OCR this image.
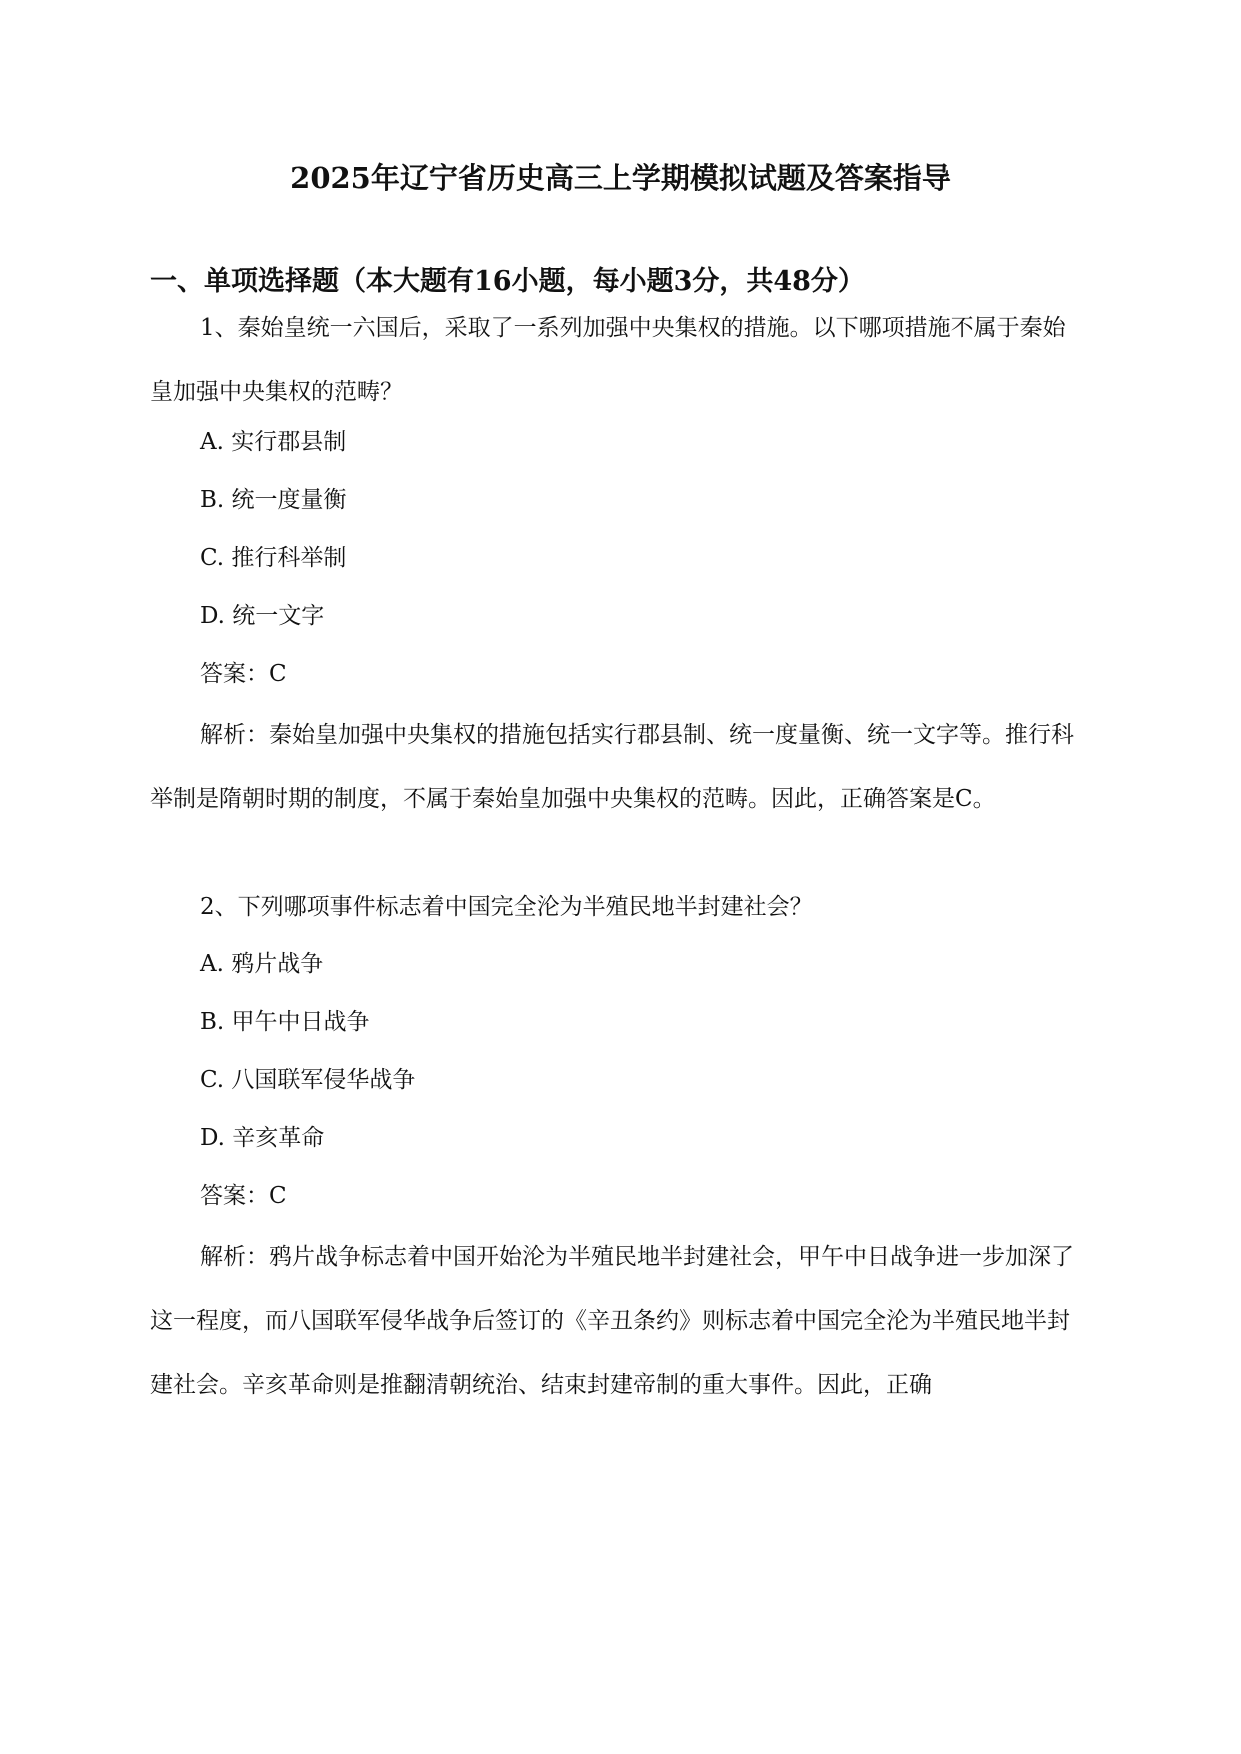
2025年辽宁省历史高三上学期模拟试题及答案指导
一、单项选择题（本大题有16小题，每小题3分，共48分）

1、秦始皇统一六国后，采取了一系列加强中央集权的措施。以下哪项措施不属于秦始皇加强中央集权的范畴？

A. 实行郡县制
B. 统一度量衡
C. 推行科举制
D. 统一文字
答案：C

解析：秦始皇加强中央集权的措施包括实行郡县制、统一度量衡、统一文字等。推行科举制是隋朝时期的制度，不属于秦始皇加强中央集权的范畴。因此，正确答案是C。

2、下列哪项事件标志着中国完全沦为半殖民地半封建社会？

A. 鸦片战争
B. 甲午中日战争
C. 八国联军侵华战争
D. 辛亥革命
答案：C

解析：鸦片战争标志着中国开始沦为半殖民地半封建社会，甲午中日战争进一步加深了这一程度，而八国联军侵华战争后签订的《辛丑条约》则标志着中国完全沦为半殖民地半封建社会。辛亥革命则是推翻清朝统治、结束封建帝制的重大事件。因此，正确
